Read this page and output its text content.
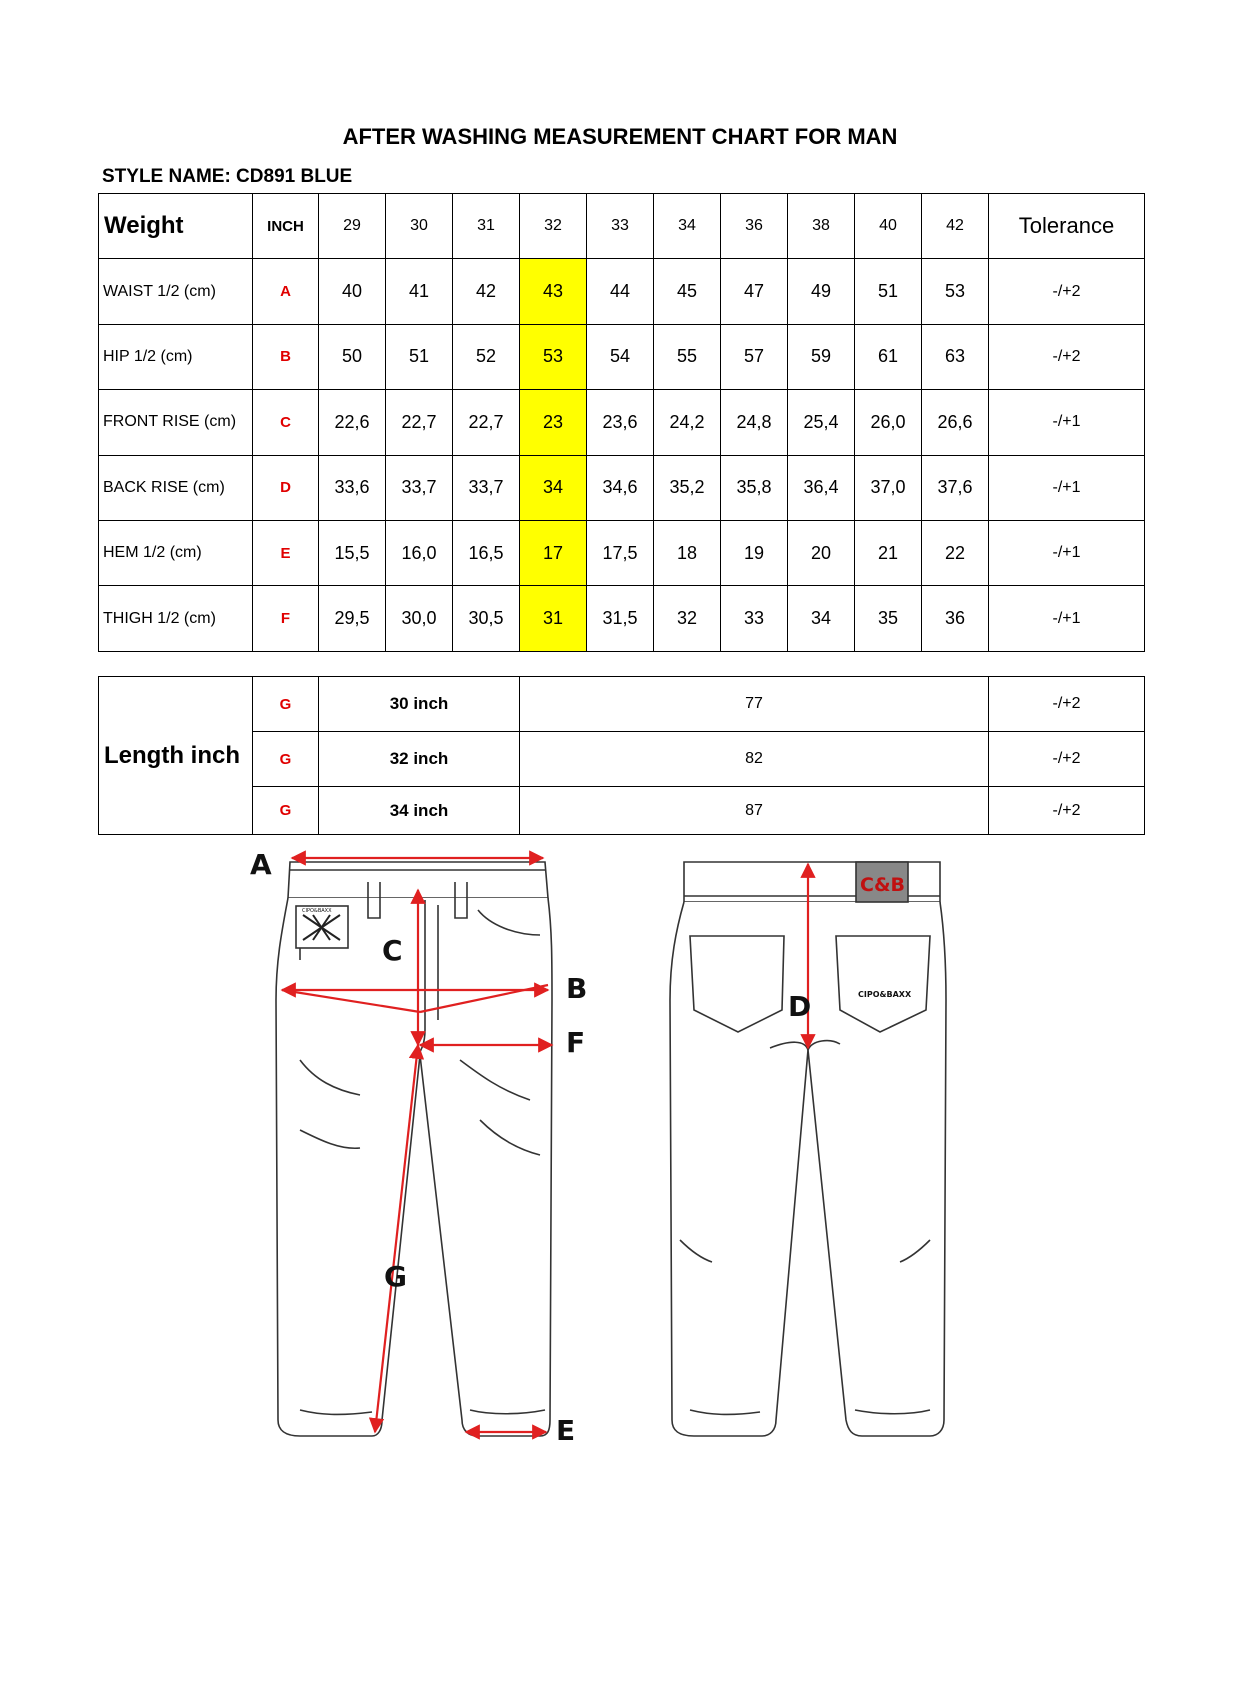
AFTER WASHING MEASUREMENT CHART FOR MAN
STYLE NAME: CD891 BLUE
Weight	INCH	29	30	31	32	33	34	36	38	40	42	Tolerance
WAIST 1/2 (cm)	A	40	41	42	43	44	45	47	49	51	53	-/+2
HIP 1/2 (cm)	B	50	51	52	53	54	55	57	59	61	63	-/+2
FRONT RISE (cm)	C	22,6	22,7	22,7	23	23,6	24,2	24,8	25,4	26,0	26,6	-/+1
BACK RISE (cm)	D	33,6	33,7	33,7	34	34,6	35,2	35,8	36,4	37,0	37,6	-/+1
HEM 1/2 (cm)	E	15,5	16,0	16,5	17	17,5	18	19	20	21	22	-/+1
THIGH 1/2 (cm)	F	29,5	30,0	30,5	31	31,5	32	33	34	35	36	-/+1
Length inch	G	30 inch	77	-/+2
	G	32 inch	82	-/+2
	G	34 inch	87	-/+2
A
B
C
E
F
G
CIPO&BAXX
C&B
CIPO&BAXX
D
